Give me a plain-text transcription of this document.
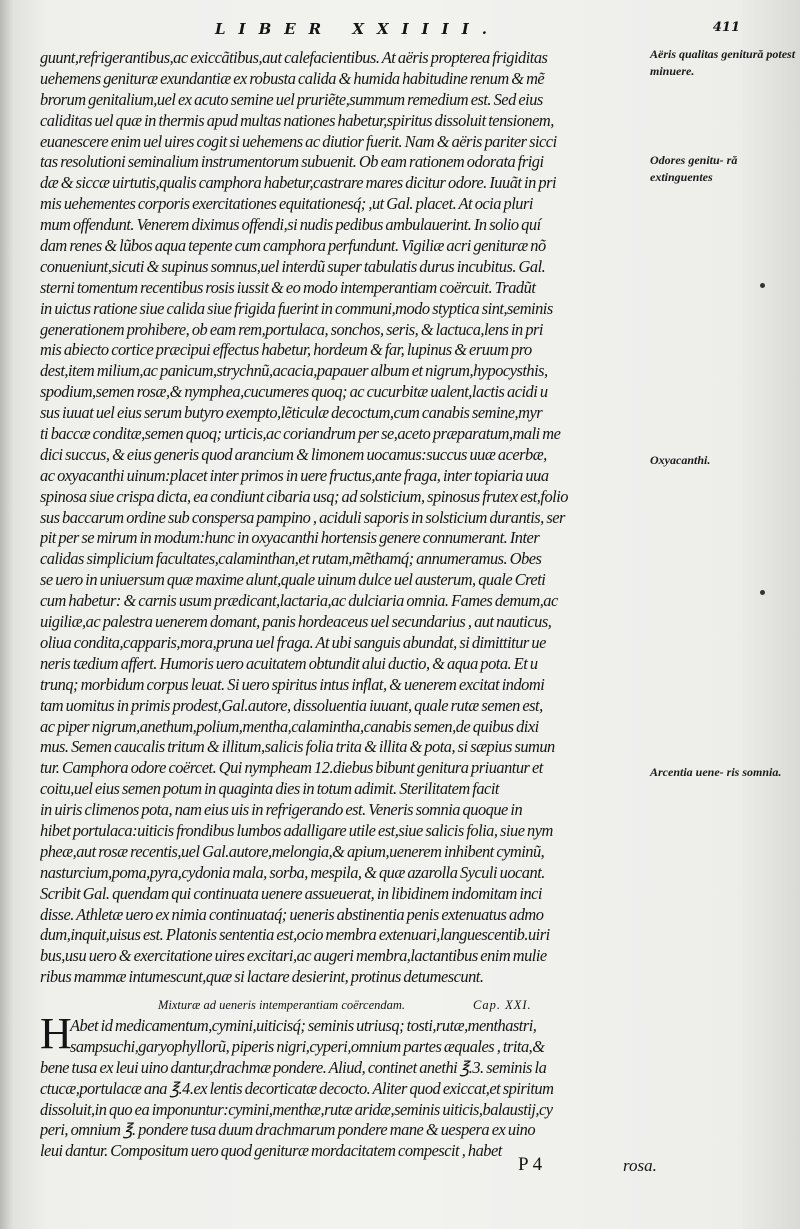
LIBER XXIIII.	411
guunt,refrigerantibus,ac exiccãtibus,aut calefacientibus. At aëris propterea frigiditas
uehemens genituræ exundantiæ ex robusta calida & humida habitudine renum & mẽ
brorum genitalium,uel ex acuto semine uel pruriẽte,summum remedium est. Sed eius
caliditas uel quæ in thermis apud multas nationes habetur,spiritus dissoluit tensionem,
euanescere enim uel uires cogit si uehemens ac diutior fuerit. Nam & aëris pariter sicci
tas resolutioni seminalium instrumentorum subuenit. Ob eam rationem odorata frigi
dæ & siccæ uirtutis,qualis camphora habetur,castrare mares dicitur odore. Iuuãt in pri
mis uehementes corporis exercitationes equitationesq́; ,ut Gal. placet. At ocia pluri
mum offendunt. Venerem diximus offendi,si nudis pedibus ambulauerint. In solio quí
dam renes & lũbos aqua tepente cum camphora perfundunt. Vigiliæ acri genituræ nõ
conueniunt,sicuti & supinus somnus,uel interdũ super tabulatis durus incubitus. Gal.
sterni tomentum recentibus rosis iussit & eo modo intemperantiam coërcuit. Tradũt
in uictus ratione siue calida siue frigida fuerint in communi,modo styptica sint,seminis
generationem prohibere, ob eam rem,portulaca, sonchos, seris, & lactuca,lens in pri
mis abiecto cortice præcipui effectus habetur, hordeum & far, lupinus & eruum pro
dest,item milium,ac panicum,strychnũ,acacia,papauer album et nigrum,hypocysthis,
spodium,semen rosæ,& nymphea,cucumeres quoq; ac cucurbitæ ualent,lactis acidi u
sus iuuat uel eius serum butyro exempto,lẽticulæ decoctum,cum canabis semine,myr
ti baccæ conditæ,semen quoq; urticis,ac coriandrum per se,aceto præparatum,mali me
dici succus, & eius generis quod arancium & limonem uocamus:succus uuæ acerbæ,
ac oxyacanthi uinum:placet inter primos in uere fructus,ante fraga, inter topiaria uua
spinosa siue crispa dicta, ea condiunt cibaria usq; ad solsticium, spinosus frutex est,folio
sus baccarum ordine sub conspersa pampino , aciduli saporis in solsticium durantis, ser
pit per se mirum in modum:hunc in oxyacanthi hortensis genere connumerant. Inter
calidas simplicium facultates,calaminthan,et rutam,mẽthamq́; annumeramus. Obes
se uero in uniuersum quæ maxime alunt,quale uinum dulce uel austerum, quale Creti
cum habetur: & carnis usum prædicant,lactaria,ac dulciaria omnia. Fames demum,ac
uigiliæ,ac palestra uenerem domant, panis hordeaceus uel secundarius , aut nauticus,
oliua condita,capparis,mora,pruna uel fraga. At ubi sanguis abundat, si dimittitur ue
neris tædium affert. Humoris uero acuitatem obtundit alui ductio, & aqua pota. Et u
trunq; morbidum corpus leuat. Si uero spiritus intus inflat, & uenerem excitat indomi
tam uomitus in primis prodest,Gal.autore, dissoluentia iuuant, quale rutæ semen est,
ac piper nigrum,anethum,polium,mentha,calamintha,canabis semen,de quibus dixi
mus. Semen caucalis tritum & illitum,salicis folia trita & illita & pota, si sæpius sumun
tur. Camphora odore coërcet. Qui nympheam 12.diebus bibunt genitura priuantur et
coitu,uel eius semen potum in quaginta dies in totum adimit. Sterilitatem facit
in uiris climenos pota, nam eius uis in refrigerando est. Veneris somnia quoque in
hibet portulaca:uiticis frondibus lumbos adalligare utile est,siue salicis folia, siue nym
pheæ,aut rosæ recentis,uel Gal.autore,melongia,& apium,uenerem inhibent cyminũ,
nasturcium,poma,pyra,cydonia mala, sorba, mespila, & quæ azarolla Syculi uocant.
Scribit Gal. quendam qui continuata uenere assueuerat, in libidinem indomitam inci
disse. Athletæ uero ex nimia continuataq́; ueneris abstinentia penis extenuatus admo
dum,inquit,uisus est. Platonis sententia est,ocio membra extenuari,languescentib.uiri
bus,usu uero & exercitatione uires excitari,ac augeri membra,lactantibus enim mulie
ribus mammæ intumescunt,quæ si lactare desierint, protinus detumescunt.
Aëris qualitas genitură potest minuere.
Odores genitu- ră extinguentes
Oxyacanthi.
Arcentia uene- ris somnia.
Mixturæ ad ueneris intemperantiam coërcendam.	Cap. XXI.
H
Abet id medicamentum,cymini,uiticisq́; seminis utriusq; tosti,rutæ,menthastri,
sampsuchi,garyophyllorũ, piperis nigri,cyperi,omnium partes æquales , trita,&
bene tusa ex leui uino dantur,drachmæ pondere. Aliud, continet anethi ℥.3. seminis la
ctucæ,portulacæ ana ℥.4.ex lentis decorticatæ decocto. Aliter quod exiccat,et spiritum
dissoluit,in quo ea imponuntur:cymini,menthæ,rutæ aridæ,seminis uiticis,balaustij,cy
peri, omnium ℥. pondere tusa duum drachmarum pondere mane & uespera ex uino
leui dantur. Compositum uero quod genituræ mordacitatem compescit , habet
P 4	rosa.
